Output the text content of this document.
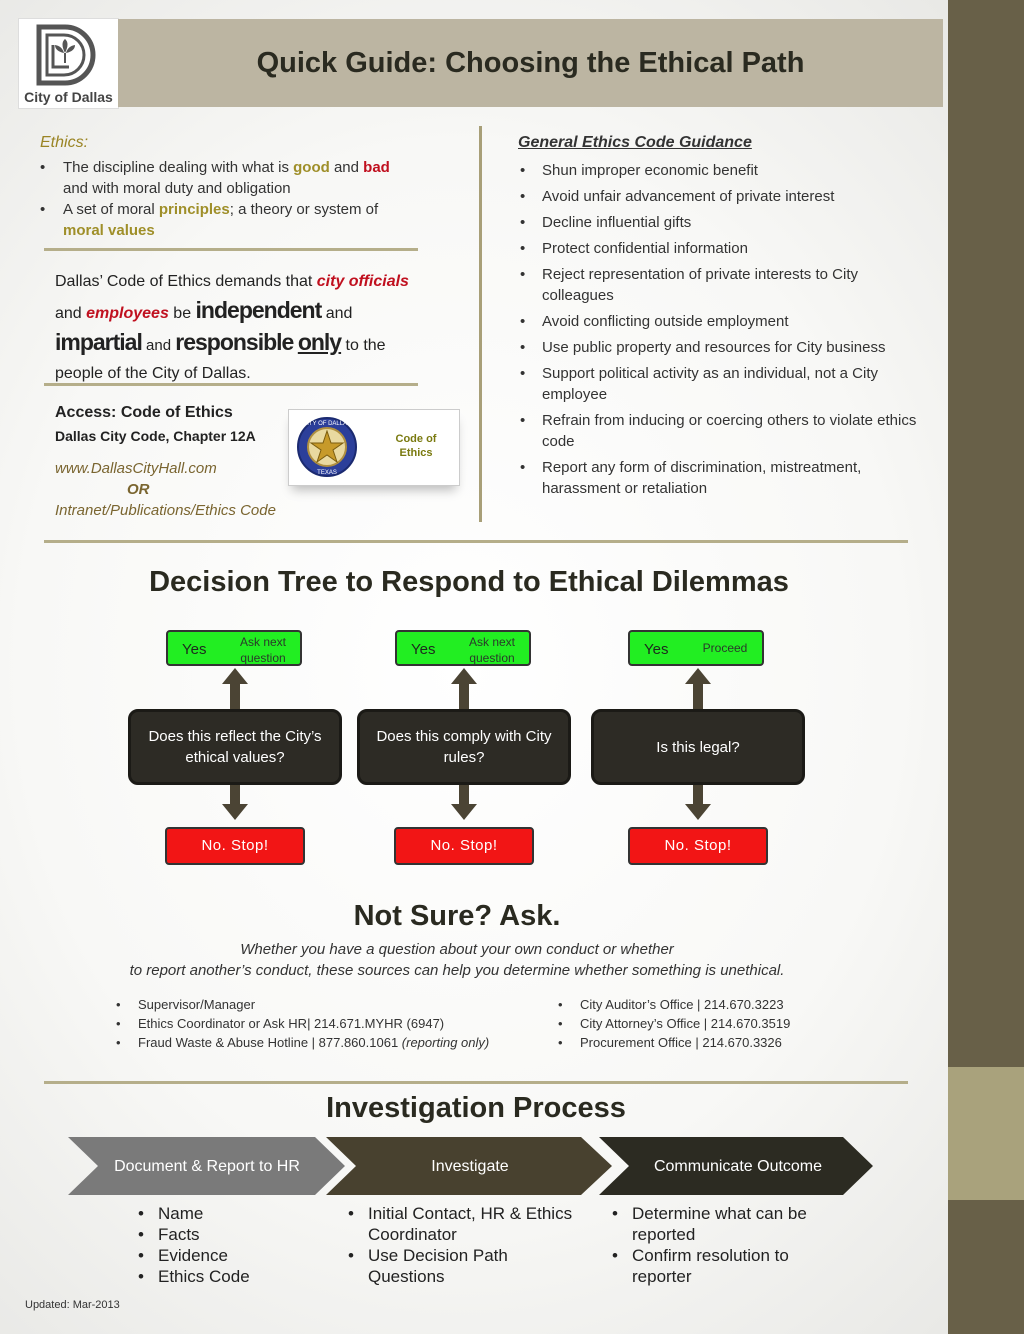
City of Dallas
Quick Guide: Choosing the Ethical Path
Ethics:
•	The discipline dealing with what is good and bad
and with moral duty and obligation
•	A set of moral principles; a theory or system of
moral values
Dallas’ Code of Ethics demands that city officials
and employees be independent and
impartial and responsible only to the
people of the City of Dallas.
Access: Code of Ethics
Dallas City Code, Chapter 12A
www.DallasCityHall.com
OR
Intranet/Publications/Ethics Code
CITY OF DALLAS
TEXAS
Code of Ethics
General Ethics Code Guidance
• Shun improper economic benefit
• Avoid unfair advancement of private interest
• Decline influential gifts
• Protect confidential information
• Reject representation of private interests to City colleagues
• Avoid conflicting outside employment
• Use public property and resources for City business
• Support political activity as an individual, not a City employee
• Refrain from inducing or coercing others to violate ethics code
• Report any form of discrimination, mistreatment, harassment or retaliation
Decision Tree to Respond to Ethical Dilemmas
Yes	Ask next question
Does this reflect the City’s ethical values?
No. Stop!
Yes	Ask next question
Does this comply with City rules?
No. Stop!
Yes	Proceed
Is this legal?
No. Stop!
Not Sure? Ask.
Whether you have a question about your own conduct or whether
to report another’s conduct, these sources can help you determine whether something is unethical.
• Supervisor/Manager
• Ethics Coordinator or Ask HR| 214.671.MYHR (6947)
• Fraud Waste & Abuse Hotline | 877.860.1061 (reporting only)
• City Auditor’s Office | 214.670.3223
• City Attorney’s Office | 214.670.3519
• Procurement Office | 214.670.3326
Investigation Process
Document & Report to HR	Investigate	Communicate Outcome
• Name
• Facts
• Evidence
• Ethics Code
• Initial Contact, HR & Ethics Coordinator
• Use Decision Path Questions
• Determine what can be reported
• Confirm resolution to reporter
Updated: Mar-2013
